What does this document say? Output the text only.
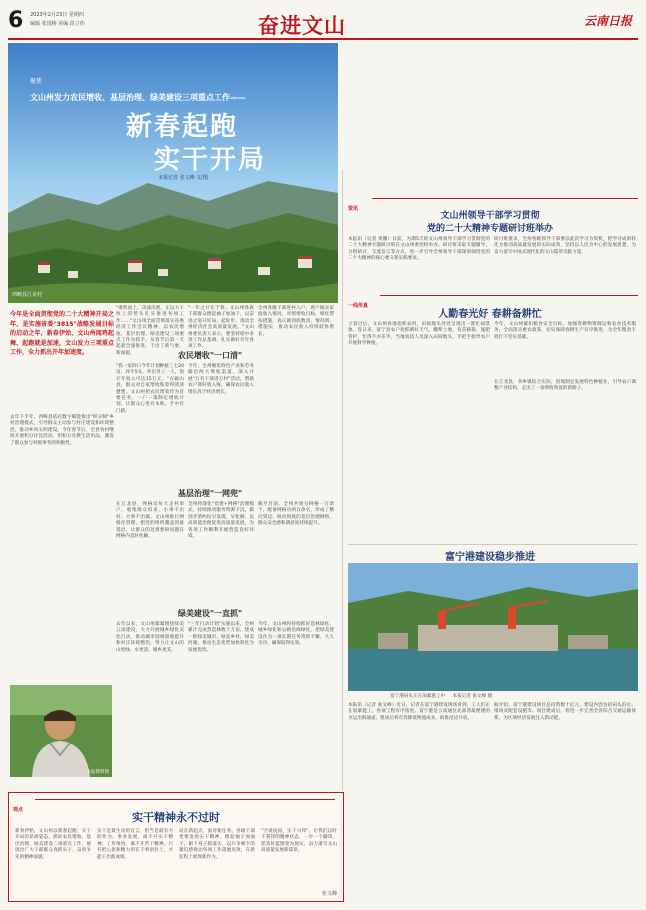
6 2023年2月23日 星期四
编辑 张国梅 美编 段立伟	奋进文山	云南日报
聚焦
文山州发力农民增收、基层治理、绿美建设三项重点工作——
新春起跑
实干开局
本报记者 张文峰 文/图
西畴县江龙村
今年是全面贯彻党的二十大精神开局之年，是实施省委"3815"战略发展目标的启动之年，新春伊始，文山州闻鸡起舞、起跑就是加速，文山发力三项重点工作，全力抓出开年加速度。
"乘势而上，决战决胜，正以大干快上的势头扎实推进各项工作……"文山州全面贯彻落实省委经济工作会议精神，以农民增收、基层治理、绿美建设三项重点工作为抓手，从春节后第一天起就全速推进，干出了新气象、新面貌。
"一年之计在于春。文山州各族干部群众撸起袖子加油干，以奋进之姿开好局、起好步，推动全州经济社会高质量发展。"文山州委负责人表示，要坚持稳中求进工作总基调，扎实做好开年各项工作。
全州各级干部进村入户，逐户核实家庭收入情况，对照增收目标，细化帮扶措施，真正做到底数清、情况明、措施实，推动农民收入持续较快增长。
农民增收"一口清"
"我一家四口今年计划种植三七20亩、养牛5头，外出务工一人，预计年收入可达15万元。"在砚山县，群众对自家增收账算得清清楚楚。文山州把农民增收作为首要任务，一户一策制定增收计划，让群众心里有本账、手中有门路。
今年，全州聚焦特色产业和劳务输出两大增收渠道，深入开展"万名干部进万村"活动，帮助农户算好收入账，确保农民收入增长高于经济增长。
去年下半年，西畴县依托数字赋能推出"积分制"乡村治理模式，引导群众主动参与村庄建设和环境整治，推动乡风文明建设。今年春节后，全县各村继续开展积分评比活动，用积分兑换生活用品，激发了群众参与村级事务的积极性。
基层治理"一网兜"
在丘北县，网格员每天走村串户，收集群众诉求，小事不出村、大事不出镇。文山州推行网格化管理，把党的组织覆盖到最基层，让群众的急难愁盼问题在网格内及时化解。
全州将深化"党建+网格"治理模式，持续推动服务资源下沉，做到矛盾纠纷早发现、早化解，以高效能治理促进高质量发展，为各项工作顺利开展营造良好环境。
截至目前，全州共划分网格一万余个，配备网格员两万余名，形成了横向到边、纵向到底的基层治理网络，群众安全感和满意度持续提升。
绿美建设"一直抓"
去年以来，文山州紧紧围绕绿美云南建设，大力开展城乡绿化美化行动，推动城市园林景观提升和村庄环境整治，努力让文山的山更绿、水更清、城乡更美。
"三年行动计划"实施以来，全州累计完成营造林数十万亩，建成一批绿美城市、绿美乡村、绿美河湖，推动生态优势加快转化为发展优势。
今年，文山州将持续抓好造林绿化、城乡绿化和公路沿线绿化，把绿美建设作为一项长期任务常抓不懈，久久为功，确保取得实效。
本报资料图
资讯
文山州领导干部学习贯彻
党的二十大精神专题研讨班举办
本报讯（记者 黄鹏）日前，为期5天的文山州领导干部学习贯彻党的二十大精神专题研讨班在文山州委党校举办。研讨班采取专题辅导、分组研讨、交流发言等方式，进一步引导全州领导干部深刻领悟党的二十大精神的核心要义和实践要求。
研讨班要求，全州各级领导干部要以此次学习为契机，把学习成果转化为推动高质量发展的实际成效，坚持以人民为中心的发展思想，为奋力谱写中国式现代化的文山篇章贡献力量。
一线传真
人勤春光好 春耕备耕忙
立春过后，文山州各地抢抓农时，田间地头处处呈现出一派忙碌景象。连日来，富宁县农户抢抓晴好天气，翻犁土地、育苗移栽、施肥管护，忙得不亦乐乎。当地农技人员深入田间地头，手把手指导农户开展科学种植。
今年，文山州紧扣粮食安全目标，加强春耕物资调运和农业技术服务，全面落实惠农政策，切实保障春耕生产有序推进，为全年粮食丰收打下坚实基础。
在丘北县，各乡镇结合实际，因地制宜发展特色种植业，引导农户调整产业结构，走出了一条增收致富的新路子。
富宁港建设稳步推进
富宁港码头正在加紧施工中 本报记者 张文峰 摄
本报讯（记者 张文峰）近日，记者在富宁港建设现场看到，工人们正在加紧施工，各项工程有序推进。富宁港是云南通往北部湾最便捷的水运出海通道，建成后将有效降低物流成本，助推沿边开放。
据介绍，富宁港建设项目总投资数十亿元，建设内容包括码头泊位、堆场及配套设施等。项目建成后，将进一步完善全省综合交通运输体系，为区域经济发展注入新动能。
观点
实干精神永不过时
新春伊始，文山州以新春起跑、实干开局的昂扬姿态，抓好农民增收、基层治理、绿美建设三项重点工作，展现出广大干部群众真抓实干、奋勇争先的精神面貌。
实干是最生动的宣言，担当是最有力的作为。事业发展，离不开实干精神；工作推进，离不开苦干精神。只有把心思和精力用在干事创业上，才能干出新成绩。
站在新起点，面对新任务，各级干部更要发扬实干精神，撸起袖子加油干，俯下身子抓落实，以只争朝夕的紧迫感推动各项工作落地见效，在新征程上展现新作为。
"空谈误国，实干兴邦"。让我们以时不我待的精神状态，一步一个脚印，把美好蓝图变为现实，奋力谱写文山高质量发展新篇章。
张文峰
